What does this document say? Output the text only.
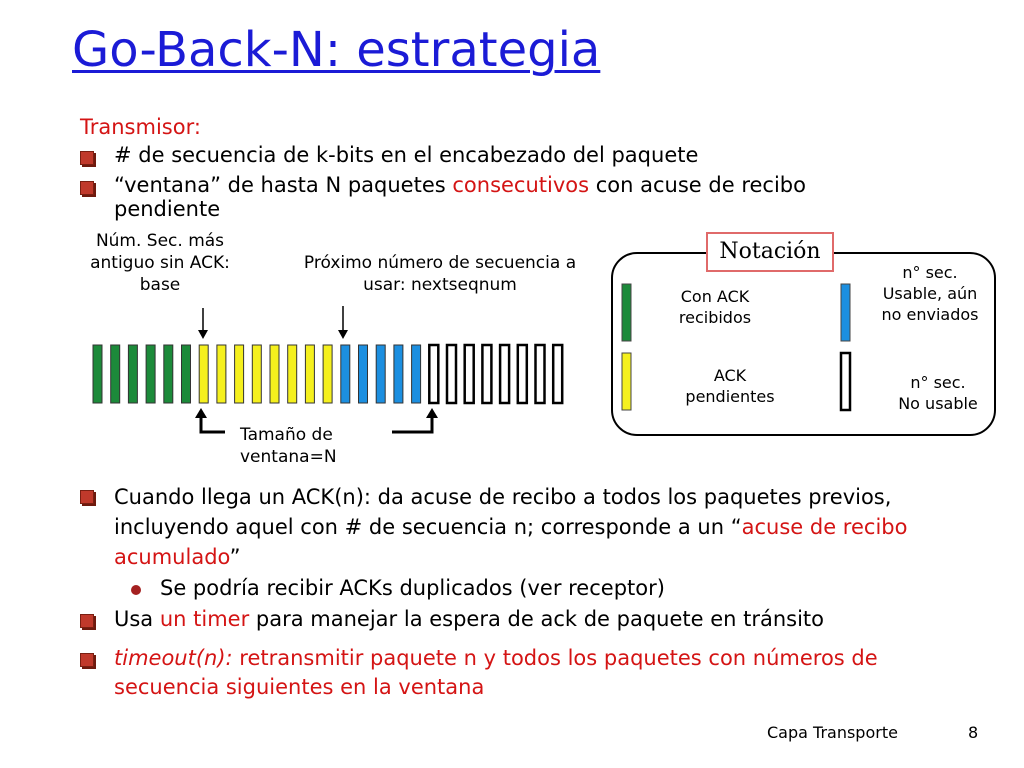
Go-Back-N: estrategia
Transmisor:
# de secuencia de k-bits en el encabezado del paquete
“ventana” de hasta N paquetes consecutivos con acuse de recibo
pendiente
Núm. Sec. más
antiguo sin ACK:
base
Próximo número de secuencia a
usar: nextseqnum
Tamaño de
ventana=N
Notación
Con ACK
recibidos
ACK
pendientes
n° sec.
Usable, aún
no enviados
n° sec.
No usable
Cuando llega un ACK(n): da acuse de recibo a todos los paquetes previos,
incluyendo aquel con # de secuencia n; corresponde a un “acuse de recibo
acumulado”
Se podría recibir ACKs duplicados (ver receptor)
Usa un timer para manejar la espera de ack de paquete en tránsito
timeout(n): retransmitir paquete n y todos los paquetes con números de
secuencia siguientes en la ventana
Capa Transporte	8
